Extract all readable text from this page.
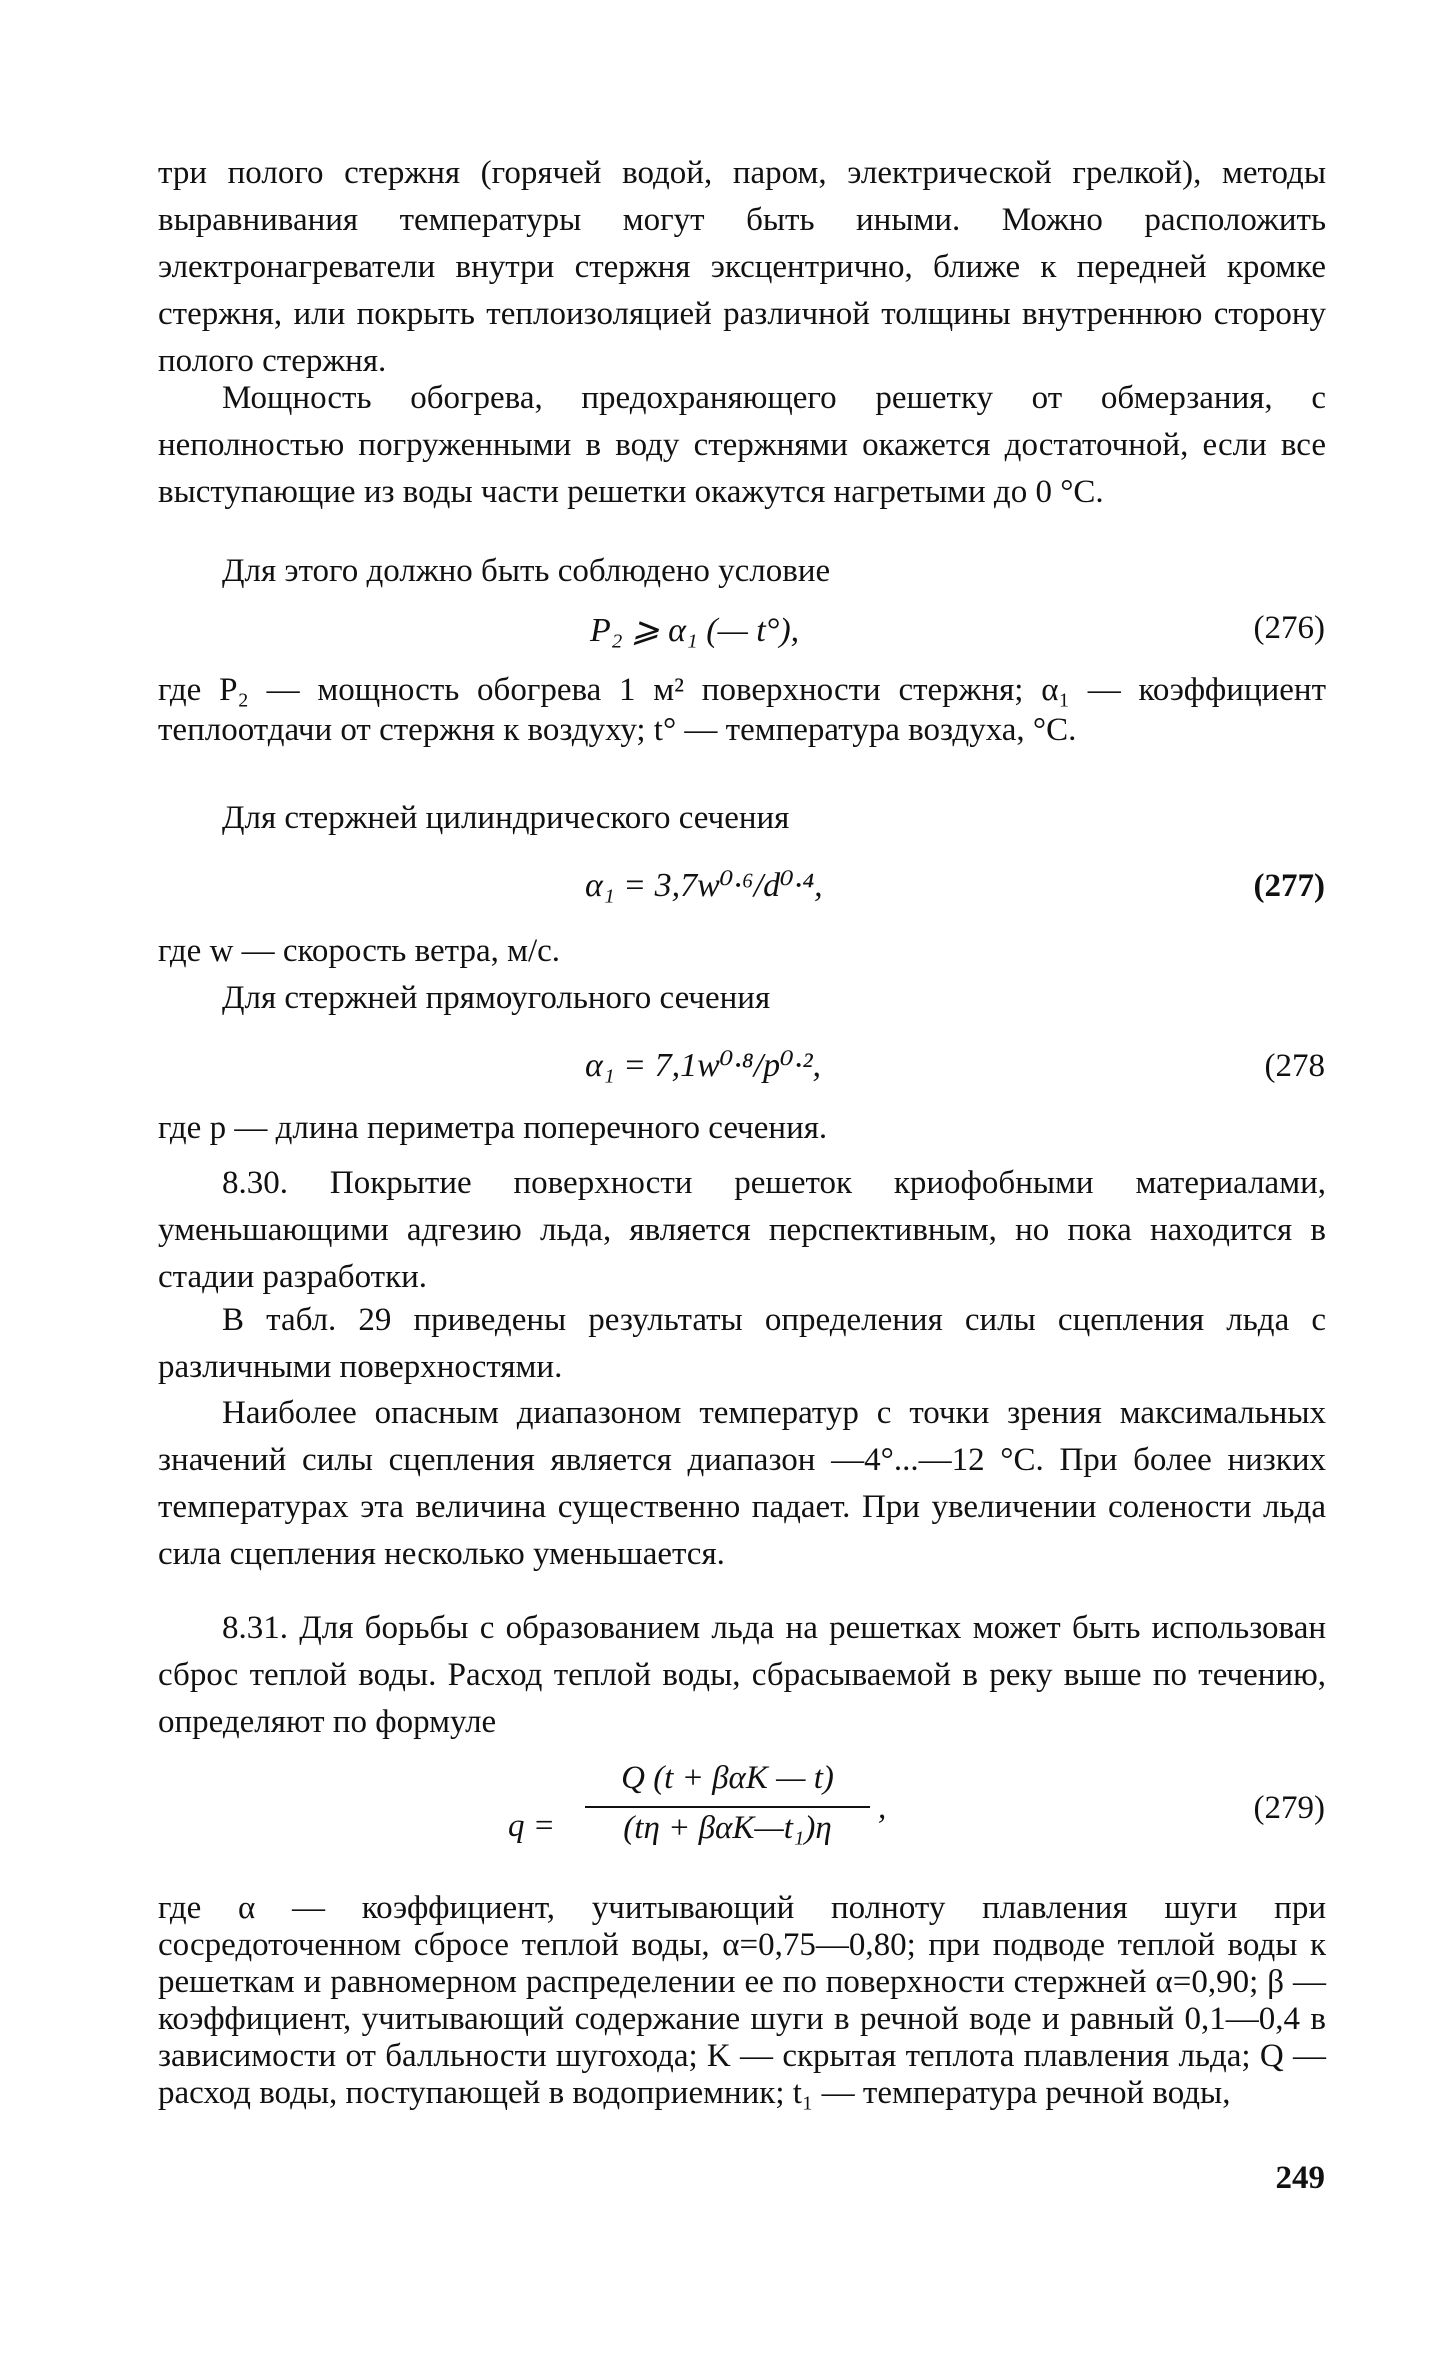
три полого стержня (горячей водой, паром, электрической грелкой), методы выравнивания температуры могут быть иными. Можно расположить электронагреватели внутри стержня эксцентрично, ближе к передней кромке стержня, или покрыть теплоизоляцией различной толщины внутреннюю сторону полого стержня.

Мощность обогрева, предохраняющего решетку от обмерзания, с неполностью погруженными в воду стержнями окажется достаточной, если все выступающие из воды части решетки окажутся нагретыми до 0 °С.

Для этого должно быть соблюдено условие

P₂ ⩾ α₁ (— t°),	(276)

где P₂ — мощность обогрева 1 м² поверхности стержня; α₁ — коэффициент теплоотдачи от стержня к воздуху; t° — температура воздуха, °С.

Для стержней цилиндрического сечения

α₁ = 3,7w⁰·⁶/d⁰·⁴,	(277)

где w — скорость ветра, м/с.

Для стержней прямоугольного сечения

α₁ = 7,1w⁰·⁸/p⁰·²,	(278

где p — длина периметра поперечного сечения.

8.30. Покрытие поверхности решеток криофобными материалами, уменьшающими адгезию льда, является перспективным, но пока находится в стадии разработки.

В табл. 29 приведены результаты определения силы сцепления льда с различными поверхностями.

Наиболее опасным диапазоном температур с точки зрения максимальных значений силы сцепления является диапазон —4°...—12 °С. При более низких температурах эта величина существенно падает. При увеличении солености льда сила сцепления несколько уменьшается.

8.31. Для борьбы с образованием льда на решетках может быть использован сброс теплой воды. Расход теплой воды, сбрасываемой в реку выше по течению, определяют по формуле

q =
Q (t + βαK — t)
(tη + βαK—t₁)η
,	(279)

где α — коэффициент, учитывающий полноту плавления шуги при сосредоточенном сбросе теплой воды, α=0,75—0,80; при подводе теплой воды к решеткам и равномерном распределении ее по поверхности стержней α=0,90; β — коэффициент, учитывающий содержание шуги в речной воде и равный 0,1—0,4 в зависимости от балльности шугохода; K — скрытая теплота плавления льда; Q — расход воды, поступающей в водоприемник; t₁ — температура речной воды,

249
